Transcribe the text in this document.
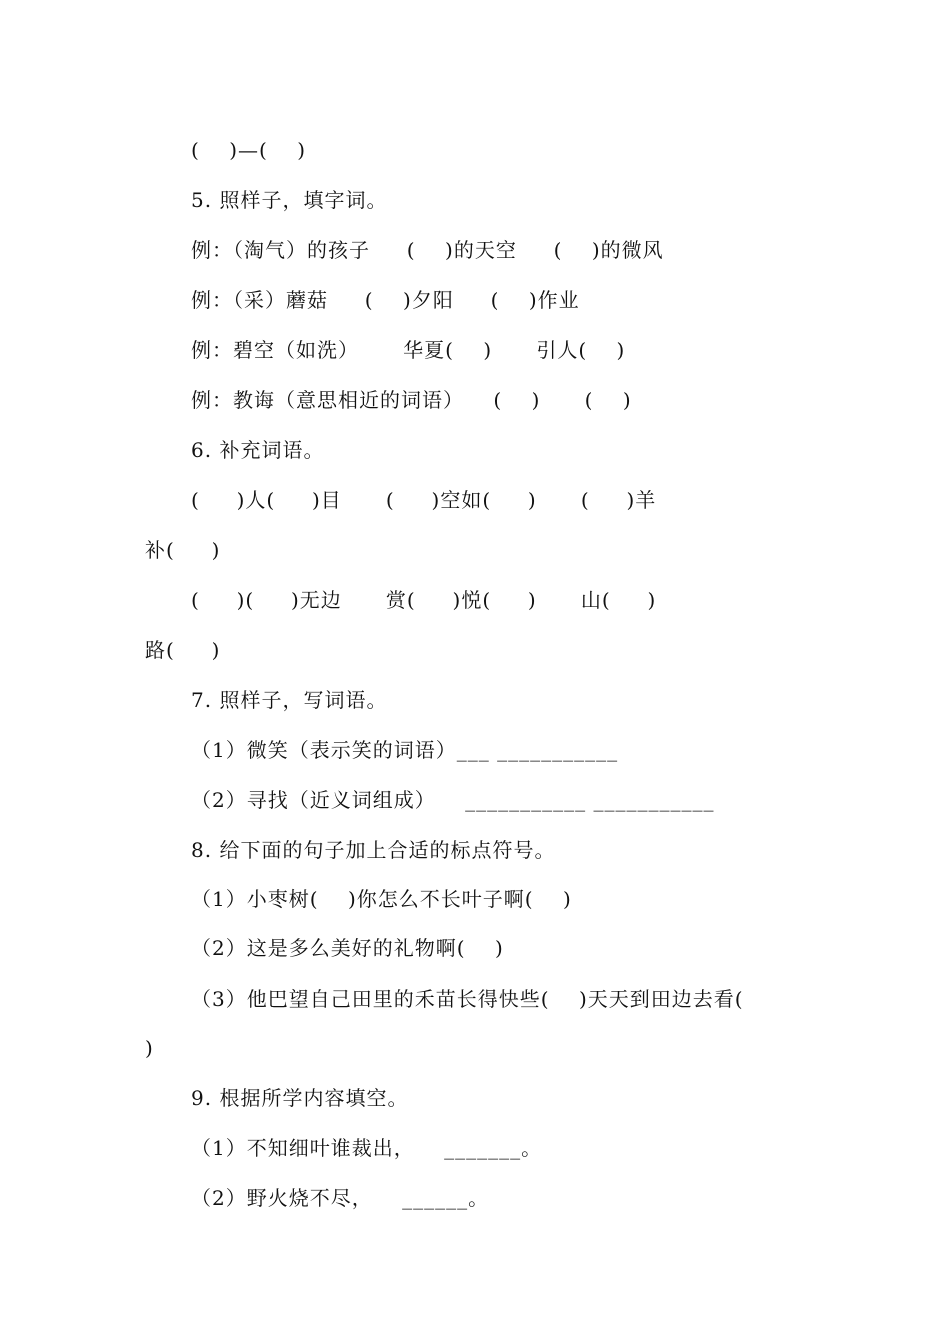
(    )—(    )
5. 照样子，填字词。
例：（淘气）的孩子     (    )的天空     (    )的微风
例：（采）蘑菇     (    )夕阳     (    )作业
例：碧空（如洗）      华夏(    )      引人(    )
例：教诲（意思相近的词语）    (    )      (    )
6. 补充词语。
(     )人(     )目      (     )空如(     )      (     )羊
补(     )
(     )(     )无边      赏(     )悦(     )      山(     )
路(     )
7. 照样子，写词语。
（1）微笑（表示笑的词语）___ ___________
（2）寻找（近义词组成）    ___________ ___________
8. 给下面的句子加上合适的标点符号。
（1）小枣树(    )你怎么不长叶子啊(    )
（2）这是多么美好的礼物啊(    )
（3）他巴望自己田里的禾苗长得快些(    )天天到田边去看(
)
9. 根据所学内容填空。
（1）不知细叶谁裁出，    _______。
（2）野火烧不尽，    ______。
